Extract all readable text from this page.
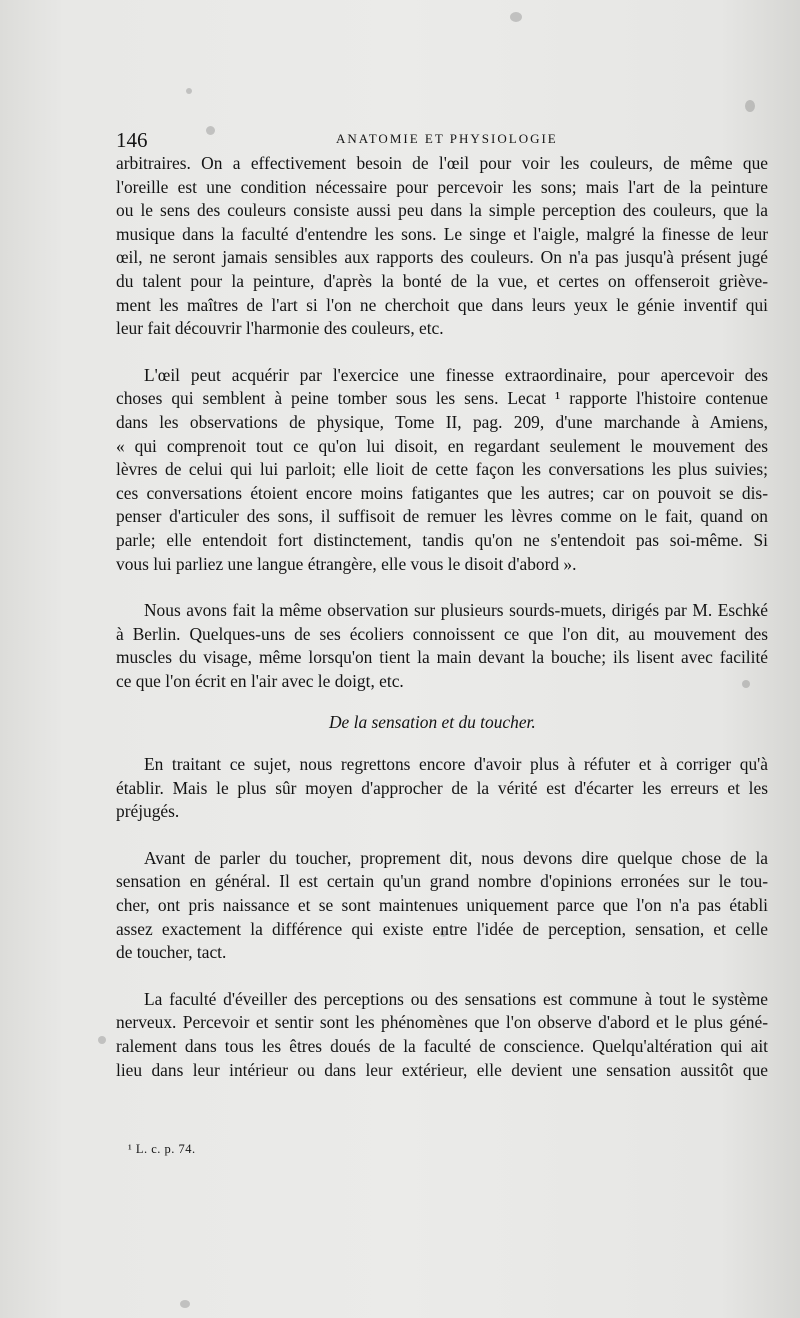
146	ANATOMIE ET PHYSIOLOGIE
arbitraires. On a effectivement besoin de l'œil pour voir les couleurs, de même que
l'oreille est une condition nécessaire pour percevoir les sons; mais l'art de la peinture
ou le sens des couleurs consiste aussi peu dans la simple perception des couleurs, que la
musique dans la faculté d'entendre les sons. Le singe et l'aigle, malgré la finesse de leur
œil, ne seront jamais sensibles aux rapports des couleurs. On n'a pas jusqu'à présent jugé
du talent pour la peinture, d'après la bonté de la vue, et certes on offenseroit griève-
ment les maîtres de l'art si l'on ne cherchoit que dans leurs yeux le génie inventif qui
leur fait découvrir l'harmonie des couleurs, etc.
L'œil peut acquérir par l'exercice une finesse extraordinaire, pour apercevoir des
choses qui semblent à peine tomber sous les sens. Lecat ¹ rapporte l'histoire contenue
dans les observations de physique, Tome II, pag. 209, d'une marchande à Amiens,
« qui comprenoit tout ce qu'on lui disoit, en regardant seulement le mouvement des
lèvres de celui qui lui parloit; elle lioit de cette façon les conversations les plus suivies;
ces conversations étoient encore moins fatigantes que les autres; car on pouvoit se dis-
penser d'articuler des sons, il suffisoit de remuer les lèvres comme on le fait, quand on
parle; elle entendoit fort distinctement, tandis qu'on ne s'entendoit pas soi-même. Si
vous lui parliez une langue étrangère, elle vous le disoit d'abord ».
Nous avons fait la même observation sur plusieurs sourds-muets, dirigés par M. Eschké
à Berlin. Quelques-uns de ses écoliers connoissent ce que l'on dit, au mouvement des
muscles du visage, même lorsqu'on tient la main devant la bouche; ils lisent avec facilité
ce que l'on écrit en l'air avec le doigt, etc.
De la sensation et du toucher.
En traitant ce sujet, nous regrettons encore d'avoir plus à réfuter et à corriger qu'à
établir. Mais le plus sûr moyen d'approcher de la vérité est d'écarter les erreurs et les
préjugés.
Avant de parler du toucher, proprement dit, nous devons dire quelque chose de la
sensation en général. Il est certain qu'un grand nombre d'opinions erronées sur le tou-
cher, ont pris naissance et se sont maintenues uniquement parce que l'on n'a pas établi
assez exactement la différence qui existe entre l'idée de perception, sensation, et celle
de toucher, tact.
La faculté d'éveiller des perceptions ou des sensations est commune à tout le système
nerveux. Percevoir et sentir sont les phénomènes que l'on observe d'abord et le plus géné-
ralement dans tous les êtres doués de la faculté de conscience. Quelqu'altération qui ait
lieu dans leur intérieur ou dans leur extérieur, elle devient une sensation aussitôt que
¹ L. c. p. 74.
